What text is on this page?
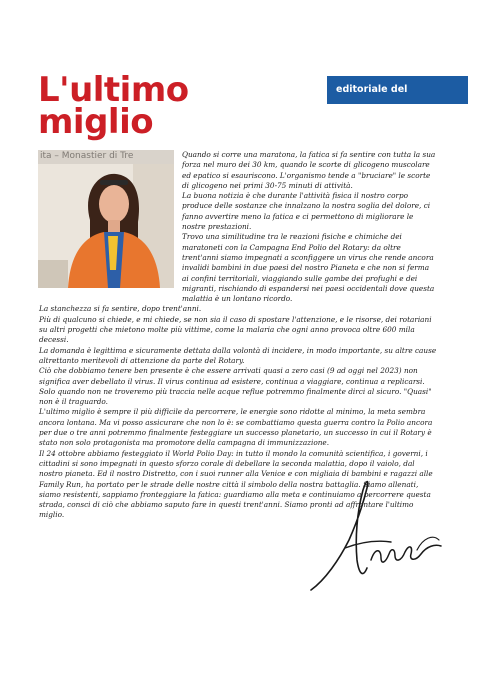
L'ultimo
miglio
editoriale del governatore
ita – Monastier di Tre	Quando si corre una maratona, la fatica si fa sentire con tutta la sua forza nel muro dei 30 km, quando le scorte di glicogeno muscolare ed epatico si esauriscono. L'organismo tende a "bruciare" le scorte di glicogeno nei primi 30-75 minuti di attività.

La buona notizia è che durante l'attività fisica il nostro corpo produce delle sostanze che innalzano la nostra soglia del dolore, ci fanno avvertire meno la fatica e ci permettono di migliorare le nostre prestazioni.

Trovo una similitudine tra le reazioni fisiche e chimiche dei maratoneti con la Campagna End Polio del Rotary: da oltre trent'anni siamo impegnati a sconfiggere un virus che rende ancora invalidi bambini in due paesi del nostro Pianeta e che non si ferma ai confini territoriali, viaggiando sulle gambe dei profughi e dei migranti, rischiando di espandersi nei paesi occidentali dove questa malattia è un lontano ricordo.

La stanchezza si fa sentire, dopo trent'anni.

Più di qualcuno si chiede, e mi chiede, se non sia il caso di spostare l'attenzione, e le risorse, dei rotariani su altri progetti che mietono molte più vittime, come la malaria che ogni anno provoca oltre 600 mila decessi.

La domanda è legittima e sicuramente dettata dalla volontà di incidere, in modo importante, su altre cause altrettanto meritevoli di attenzione da parte del Rotary.

Ciò che dobbiamo tenere ben presente è che essere arrivati quasi a zero casi (9 ad oggi nel 2023) non significa aver debellato il virus. Il virus continua ad esistere, continua a viaggiare, continua a replicarsi.

Solo quando non ne troveremo più traccia nelle acque reflue potremmo finalmente dirci al sicuro. "Quasi" non è il traguardo.

L'ultimo miglio è sempre il più difficile da percorrere, le energie sono ridotte al minimo, la meta sembra ancora lontana. Ma vi posso assicurare che non lo è: se combattiamo questa guerra contro la Polio ancora per due o tre anni potremmo finalmente festeggiare un successo planetario, un successo in cui il Rotary è stato non solo protagonista ma promotore della campagna di immunizzazione.

Il 24 ottobre abbiamo festeggiato il World Polio Day: in tutto il mondo la comunità scientifica, i governi, i cittadini si sono impegnati in questo sforzo corale di debellare la seconda malattia, dopo il vaiolo, dal nostro pianeta. Ed il nostro Distretto, con i suoi runner alla Venice e con migliaia di bambini e ragazzi alle Family Run, ha portato per le strade delle nostre città il simbolo della nostra battaglia. Siamo allenati, siamo resistenti, sappiamo fronteggiare la fatica: guardiamo alla meta e continuiamo a percorrere questa strada, consci di ciò che abbiamo saputo fare in questi trent'anni. Siamo pronti ad affrontare l'ultimo miglio.
